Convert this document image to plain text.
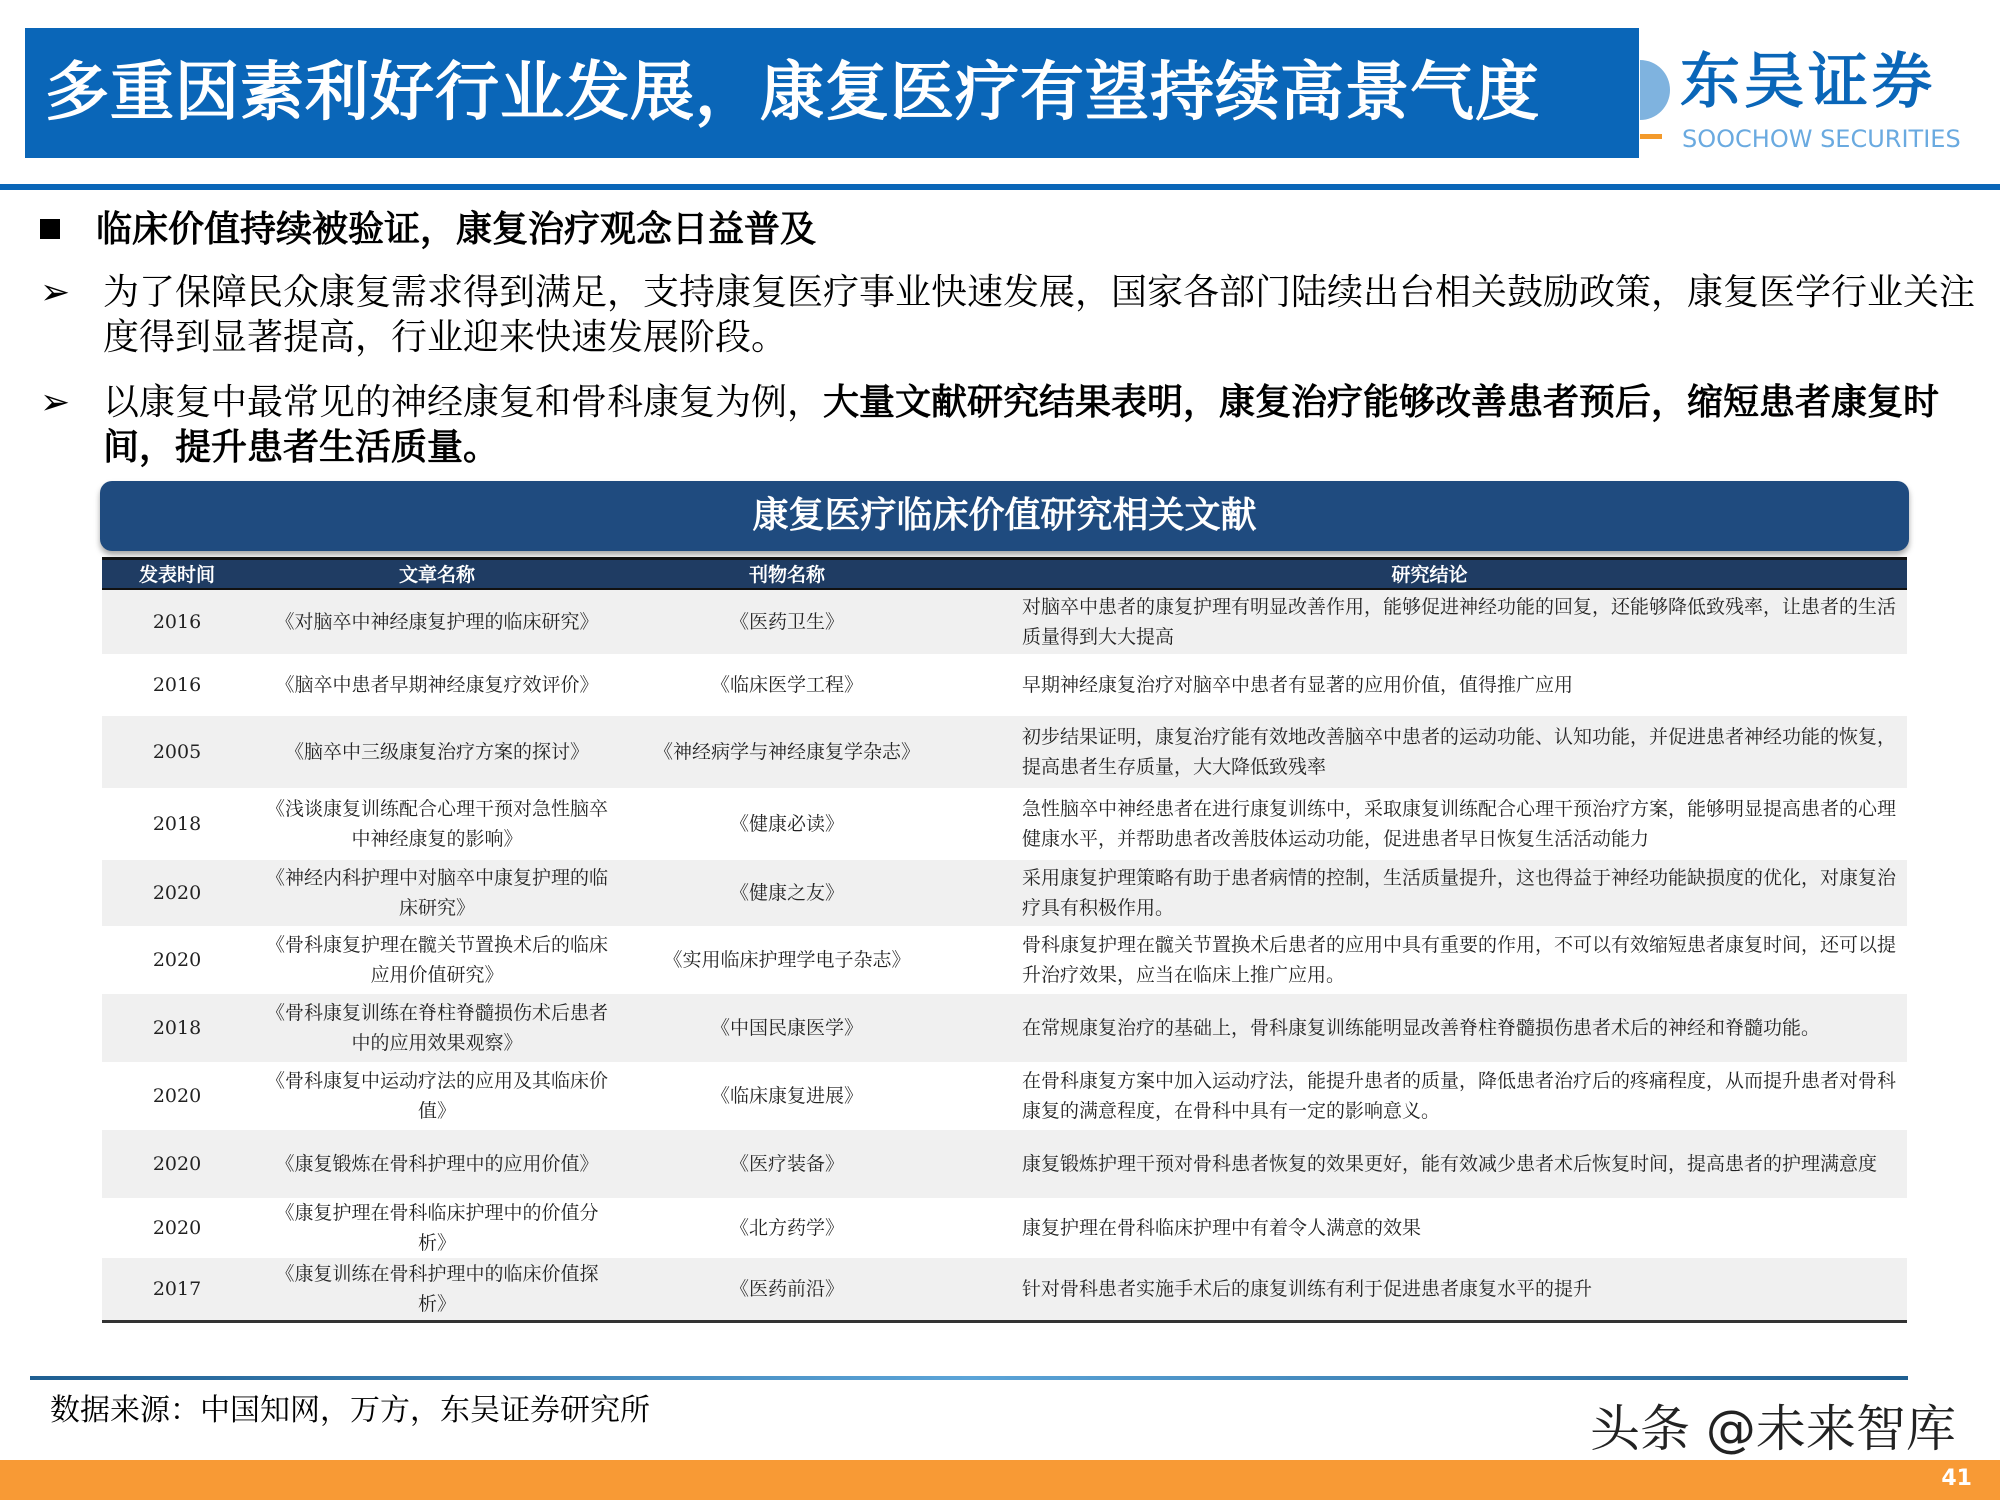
多重因素利好行业发展，康复医疗有望持续高景气度	东吴证券
SOOCHOW SECURITIES
临床价值持续被验证，康复治疗观念日益普及
➢ 为了保障民众康复需求得到满足，支持康复医疗事业快速发展，国家各部门陆续出台相关鼓励政策，康复医学行业关注度得到显著提高，行业迎来快速发展阶段。
➢ 以康复中最常见的神经康复和骨科康复为例，大量文献研究结果表明，康复治疗能够改善患者预后，缩短患者康复时间，提升患者生活质量。
康复医疗临床价值研究相关文献
发表时间	文章名称	刊物名称	研究结论
2016	《对脑卒中神经康复护理的临床研究》	《医药卫生》	对脑卒中患者的康复护理有明显改善作用，能够促进神经功能的回复，还能够降低致残率，让患者的生活质量得到大大提高
2016	《脑卒中患者早期神经康复疗效评价》	《临床医学工程》	早期神经康复治疗对脑卒中患者有显著的应用价值，值得推广应用
2005	《脑卒中三级康复治疗方案的探讨》	《神经病学与神经康复学杂志》	初步结果证明，康复治疗能有效地改善脑卒中患者的运动功能、认知功能，并促进患者神经功能的恢复，提高患者生存质量，大大降低致残率
2018	《浅谈康复训练配合心理干预对急性脑卒中神经康复的影响》	《健康必读》	急性脑卒中神经患者在进行康复训练中，采取康复训练配合心理干预治疗方案，能够明显提高患者的心理健康水平，并帮助患者改善肢体运动功能，促进患者早日恢复生活活动能力
2020	《神经内科护理中对脑卒中康复护理的临床研究》	《健康之友》	采用康复护理策略有助于患者病情的控制，生活质量提升，这也得益于神经功能缺损度的优化，对康复治疗具有积极作用。
2020	《骨科康复护理在髋关节置换术后的临床应用价值研究》	《实用临床护理学电子杂志》	骨科康复护理在髋关节置换术后患者的应用中具有重要的作用，不可以有效缩短患者康复时间，还可以提升治疗效果，应当在临床上推广应用。
2018	《骨科康复训练在脊柱脊髓损伤术后患者中的应用效果观察》	《中国民康医学》	在常规康复治疗的基础上，骨科康复训练能明显改善脊柱脊髓损伤患者术后的神经和脊髓功能。
2020	《骨科康复中运动疗法的应用及其临床价值》	《临床康复进展》	在骨科康复方案中加入运动疗法，能提升患者的质量，降低患者治疗后的疼痛程度，从而提升患者对骨科康复的满意程度，在骨科中具有一定的影响意义。
2020	《康复锻炼在骨科护理中的应用价值》	《医疗装备》	康复锻炼护理干预对骨科患者恢复的效果更好，能有效减少患者术后恢复时间，提高患者的护理满意度
2020	《康复护理在骨科临床护理中的价值分析》	《北方药学》	康复护理在骨科临床护理中有着令人满意的效果
2017	《康复训练在骨科护理中的临床价值探析》	《医药前沿》	针对骨科患者实施手术后的康复训练有利于促进患者康复水平的提升
数据来源：中国知网，万方，东吴证券研究所	头条 @未来智库
41
